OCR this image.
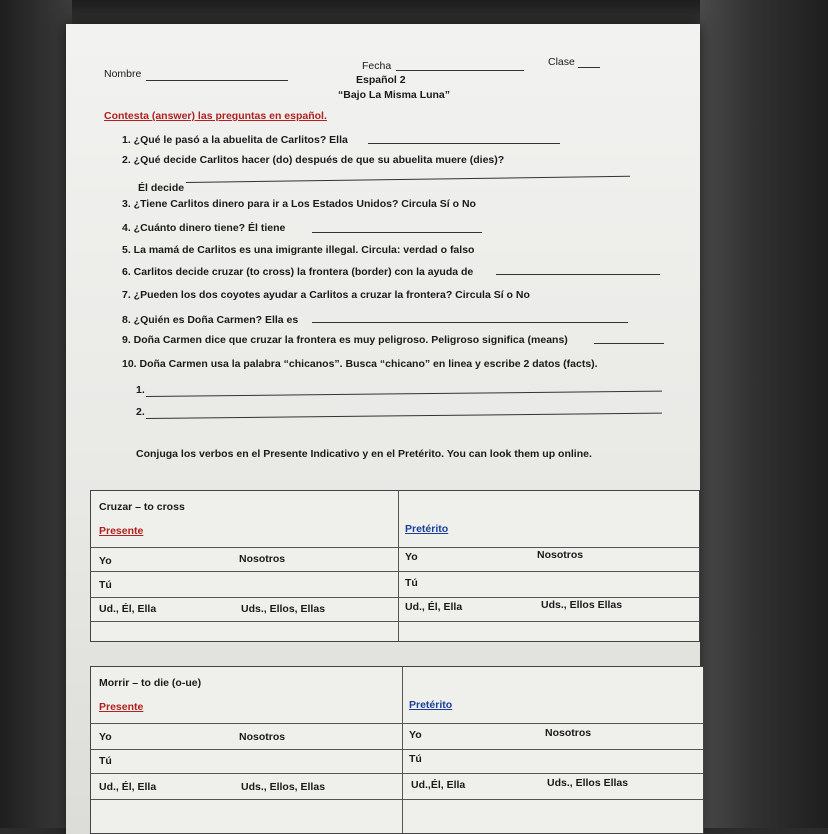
Nombre
Fecha	Clase
Español 2
“Bajo La Misma Luna”
Contesta (answer) las preguntas en español.
1. ¿Qué le pasó a la abuelita de Carlitos? Ella
2. ¿Qué decide Carlitos hacer (do) después de que su abuelita muere (dies)?
Él decide
3. ¿Tiene Carlitos dinero para ir a Los Estados Unidos? Circula Sí o No
4. ¿Cuánto dinero tiene? Él tiene
5. La mamá de Carlitos es una imigrante illegal. Circula: verdad o falso
6. Carlitos decide cruzar (to cross) la frontera (border) con la ayuda de
7. ¿Pueden los dos coyotes ayudar a Carlitos a cruzar la frontera? Circula Sí o No
8. ¿Quién es Doña Carmen? Ella es
9. Doña Carmen dice que cruzar la frontera es muy peligroso. Peligroso significa (means)
10. Doña Carmen usa la palabra “chicanos”. Busca “chicano” en linea y escribe 2 datos (facts).
1.
2.
Conjuga los verbos en el Presente Indicativo y en el Pretérito. You can look them up online.
Cruzar – to cross
Presente	Pretérito
Yo	Nosotros	Yo	Nosotros
Tú	Tú
Ud., Él, Ella	Uds., Ellos, Ellas	Ud., Él, Ella	Uds., Ellos Ellas
Morrir – to die (o-ue)
Presente	Pretérito
Yo	Nosotros	Yo	Nosotros
Tú	Tú
Ud., Él, Ella	Uds., Ellos, Ellas	Ud.,Él, Ella	Uds., Ellos Ellas
